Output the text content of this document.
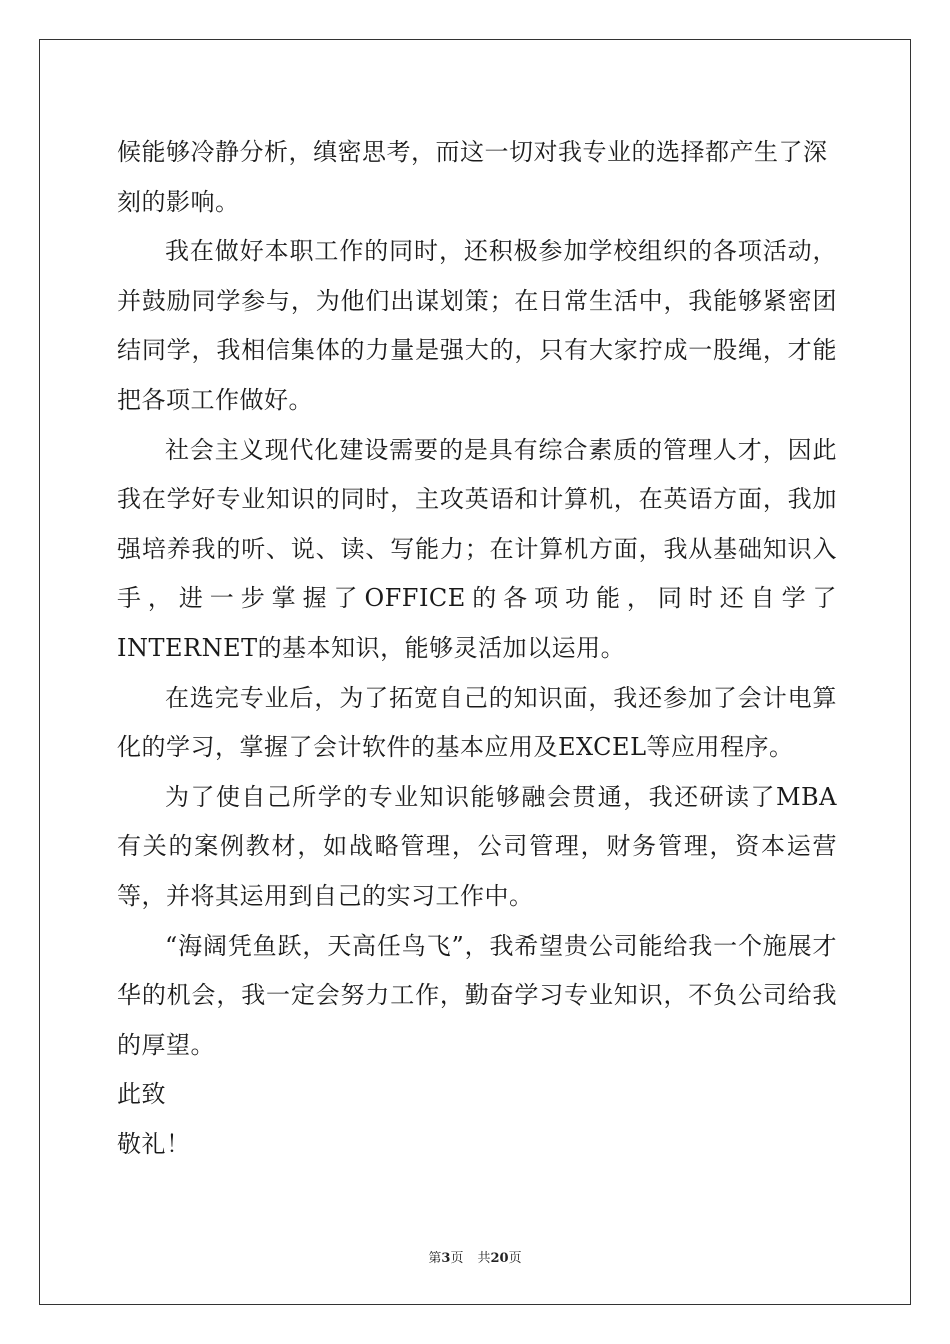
候能够冷静分析，缜密思考，而这一切对我专业的选择都产生了深刻的影响。

我在做好本职工作的同时，还积极参加学校组织的各项活动，并鼓励同学参与，为他们出谋划策；在日常生活中，我能够紧密团结同学，我相信集体的力量是强大的，只有大家拧成一股绳，才能把各项工作做好。

社会主义现代化建设需要的是具有综合素质的管理人才，因此我在学好专业知识的同时，主攻英语和计算机，在英语方面，我加强培养我的听、说、读、写能力；在计算机方面，我从基础知识入手，进一步掌握了OFFICE的各项功能，同时还自学了INTERNET的基本知识，能够灵活加以运用。

在选完专业后，为了拓宽自己的知识面，我还参加了会计电算化的学习，掌握了会计软件的基本应用及EXCEL等应用程序。

为了使自己所学的专业知识能够融会贯通，我还研读了MBA有关的案例教材，如战略管理，公司管理，财务管理，资本运营等，并将其运用到自己的实习工作中。

“海阔凭鱼跃，天高任鸟飞”，我希望贵公司能给我一个施展才华的机会，我一定会努力工作，勤奋学习专业知识，不负公司给我的厚望。

此致

敬礼！

第3页 共20页
